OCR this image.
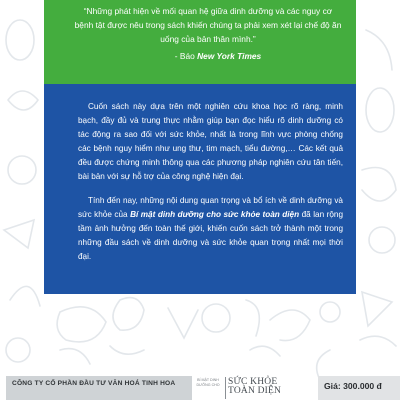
“Những phát hiện về mối quan hệ giữa dinh dưỡng và các nguy cơ bệnh tật được nêu trong sách khiến chúng ta phải xem xét lại chế độ ăn uống của bản thân mình.”

- Báo New York Times

Cuốn sách này dựa trên một nghiên cứu khoa học rõ ràng, minh bạch, đầy đủ và trung thực nhằm giúp bạn đọc hiểu rõ dinh dưỡng có tác động ra sao đối với sức khỏe, nhất là trong lĩnh vực phòng chống các bệnh nguy hiểm như ung thư, tim mạch, tiểu đường,… Các kết quả đều được chứng minh thông qua các phương pháp nghiên cứu tân tiến, bài bản với sự hỗ trợ của công nghệ hiện đại.

Tính đến nay, những nội dung quan trọng và bổ ích về dinh dưỡng và sức khỏe của Bí mật dinh dưỡng cho sức khỏe toàn diện đã lan rộng tầm ảnh hưởng đến toàn thế giới, khiến cuốn sách trở thành một trong những đầu sách về dinh dưỡng và sức khỏe quan trọng nhất mọi thời đại.

CÔNG TY CỔ PHẦN ĐẦU TƯ VĂN HOÁ TINH HOA	BÍ MẬT DINH DƯỠNG CHO SỨC KHỎE
TOÀN DIỆN	Giá: 300.000 đ
